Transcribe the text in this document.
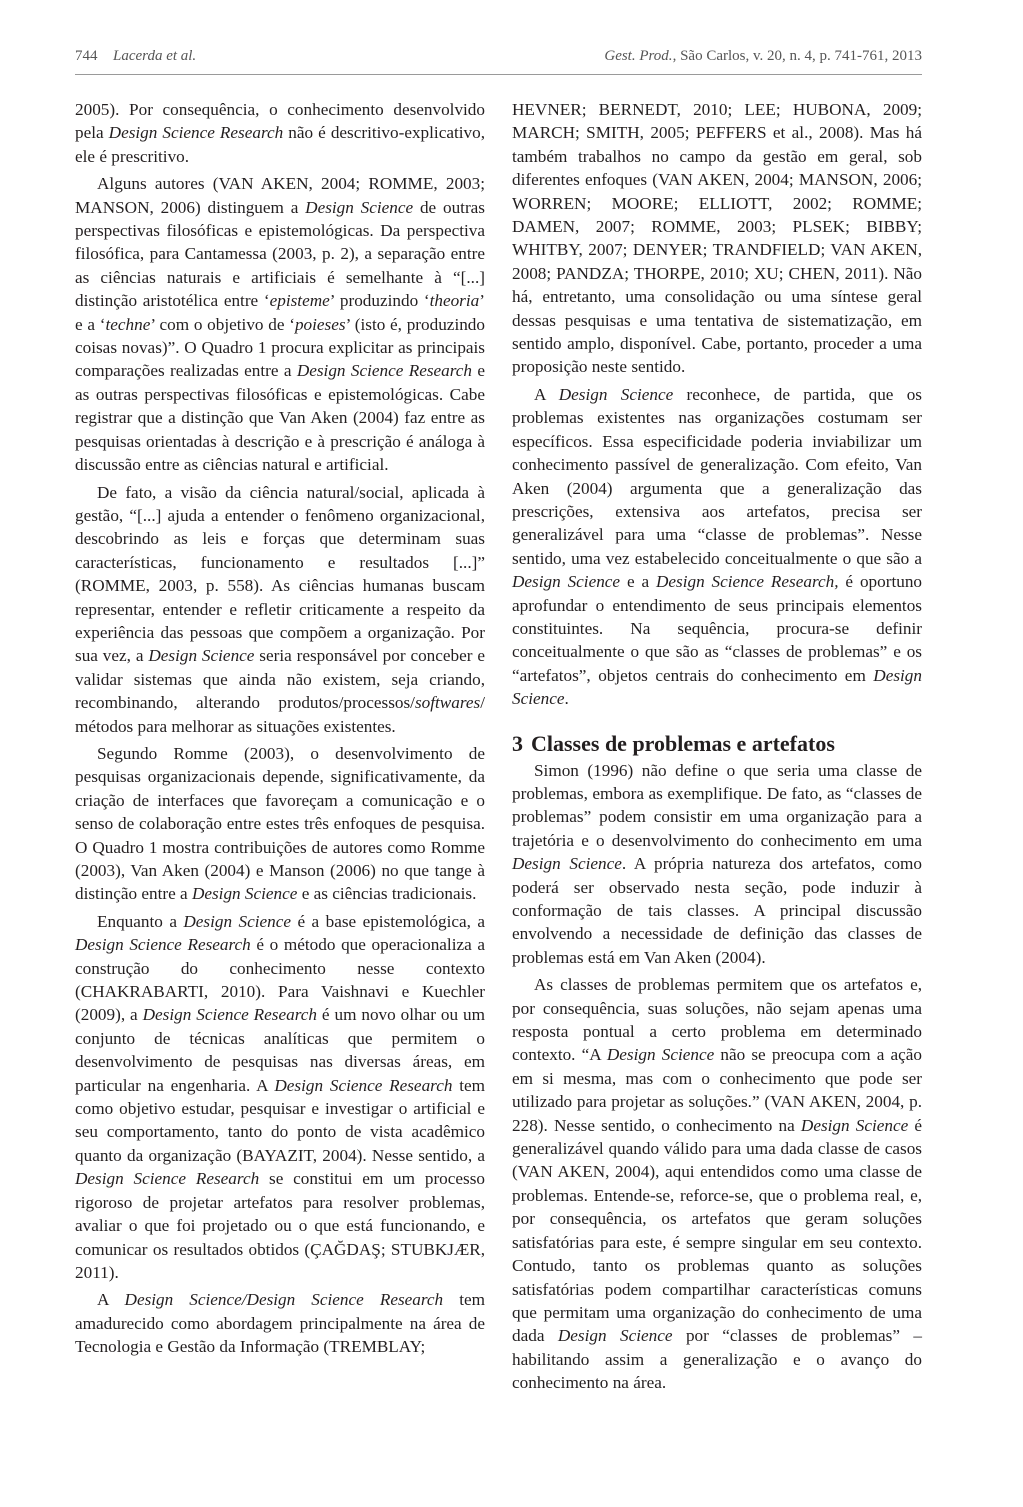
744 Lacerda et al.	Gest. Prod., São Carlos, v. 20, n. 4, p. 741-761, 2013

2005). Por consequência, o conhecimento desenvolvido pela Design Science Research não é descritivo-explicativo, ele é prescritivo.

Alguns autores (VAN AKEN, 2004; ROMME, 2003; MANSON, 2006) distinguem a Design Science de outras perspectivas filosóficas e epistemológicas. Da perspectiva filosófica, para Cantamessa (2003, p. 2), a separação entre as ciências naturais e artificiais é semelhante à “[...] distinção aristotélica entre ‘episteme’ produzindo ‘theoria’ e a ‘techne’ com o objetivo de ‘poieses’ (isto é, produzindo coisas novas)”. O Quadro 1 procura explicitar as principais comparações realizadas entre a Design Science Research e as outras perspectivas filosóficas e epistemológicas. Cabe registrar que a distinção que Van Aken (2004) faz entre as pesquisas orientadas à descrição e à prescrição é análoga à discussão entre as ciências natural e artificial.

De fato, a visão da ciência natural/social, aplicada à gestão, “[...] ajuda a entender o fenômeno organizacional, descobrindo as leis e forças que determinam suas características, funcionamento e resultados [...]” (ROMME, 2003, p. 558). As ciências humanas buscam representar, entender e refletir criticamente a respeito da experiência das pessoas que compõem a organização. Por sua vez, a Design Science seria responsável por conceber e validar sistemas que ainda não existem, seja criando, recombinando, alterando produtos/processos/softwares/ métodos para melhorar as situações existentes.

Segundo Romme (2003), o desenvolvimento de pesquisas organizacionais depende, significativamente, da criação de interfaces que favoreçam a comunicação e o senso de colaboração entre estes três enfoques de pesquisa. O Quadro 1 mostra contribuições de autores como Romme (2003), Van Aken (2004) e Manson (2006) no que tange à distinção entre a Design Science e as ciências tradicionais.

Enquanto a Design Science é a base epistemológica, a Design Science Research é o método que operacionaliza a construção do conhecimento nesse contexto (CHAKRABARTI, 2010). Para Vaishnavi e Kuechler (2009), a Design Science Research é um novo olhar ou um conjunto de técnicas analíticas que permitem o desenvolvimento de pesquisas nas diversas áreas, em particular na engenharia. A Design Science Research tem como objetivo estudar, pesquisar e investigar o artificial e seu comportamento, tanto do ponto de vista acadêmico quanto da organização (BAYAZIT, 2004). Nesse sentido, a Design Science Research se constitui em um processo rigoroso de projetar artefatos para resolver problemas, avaliar o que foi projetado ou o que está funcionando, e comunicar os resultados obtidos (ÇAĞDAŞ; STUBKJÆR, 2011).

A Design Science/Design Science Research tem amadurecido como abordagem principalmente na área de Tecnologia e Gestão da Informação (TREMBLAY;

HEVNER; BERNEDT, 2010; LEE; HUBONA, 2009; MARCH; SMITH, 2005; PEFFERS et al., 2008). Mas há também trabalhos no campo da gestão em geral, sob diferentes enfoques (VAN AKEN, 2004; MANSON, 2006; WORREN; MOORE; ELLIOTT, 2002; ROMME; DAMEN, 2007; ROMME, 2003; PLSEK; BIBBY; WHITBY, 2007; DENYER; TRANDFIELD; VAN AKEN, 2008; PANDZA; THORPE, 2010; XU; CHEN, 2011). Não há, entretanto, uma consolidação ou uma síntese geral dessas pesquisas e uma tentativa de sistematização, em sentido amplo, disponível. Cabe, portanto, proceder a uma proposição neste sentido.

A Design Science reconhece, de partida, que os problemas existentes nas organizações costumam ser específicos. Essa especificidade poderia inviabilizar um conhecimento passível de generalização. Com efeito, Van Aken (2004) argumenta que a generalização das prescrições, extensiva aos artefatos, precisa ser generalizável para uma “classe de problemas”. Nesse sentido, uma vez estabelecido conceitualmente o que são a Design Science e a Design Science Research, é oportuno aprofundar o entendimento de seus principais elementos constituintes. Na sequência, procura-se definir conceitualmente o que são as “classes de problemas” e os “artefatos”, objetos centrais do conhecimento em Design Science.

3 Classes de problemas e artefatos

Simon (1996) não define o que seria uma classe de problemas, embora as exemplifique. De fato, as “classes de problemas” podem consistir em uma organização para a trajetória e o desenvolvimento do conhecimento em uma Design Science. A própria natureza dos artefatos, como poderá ser observado nesta seção, pode induzir à conformação de tais classes. A principal discussão envolvendo a necessidade de definição das classes de problemas está em Van Aken (2004).

As classes de problemas permitem que os artefatos e, por consequência, suas soluções, não sejam apenas uma resposta pontual a certo problema em determinado contexto. “A Design Science não se preocupa com a ação em si mesma, mas com o conhecimento que pode ser utilizado para projetar as soluções.” (VAN AKEN, 2004, p. 228). Nesse sentido, o conhecimento na Design Science é generalizável quando válido para uma dada classe de casos (VAN AKEN, 2004), aqui entendidos como uma classe de problemas. Entende-se, reforce-se, que o problema real, e, por consequência, os artefatos que geram soluções satisfatórias para este, é sempre singular em seu contexto. Contudo, tanto os problemas quanto as soluções satisfatórias podem compartilhar características comuns que permitam uma organização do conhecimento de uma dada Design Science por “classes de problemas” – habilitando assim a generalização e o avanço do conhecimento na área.
